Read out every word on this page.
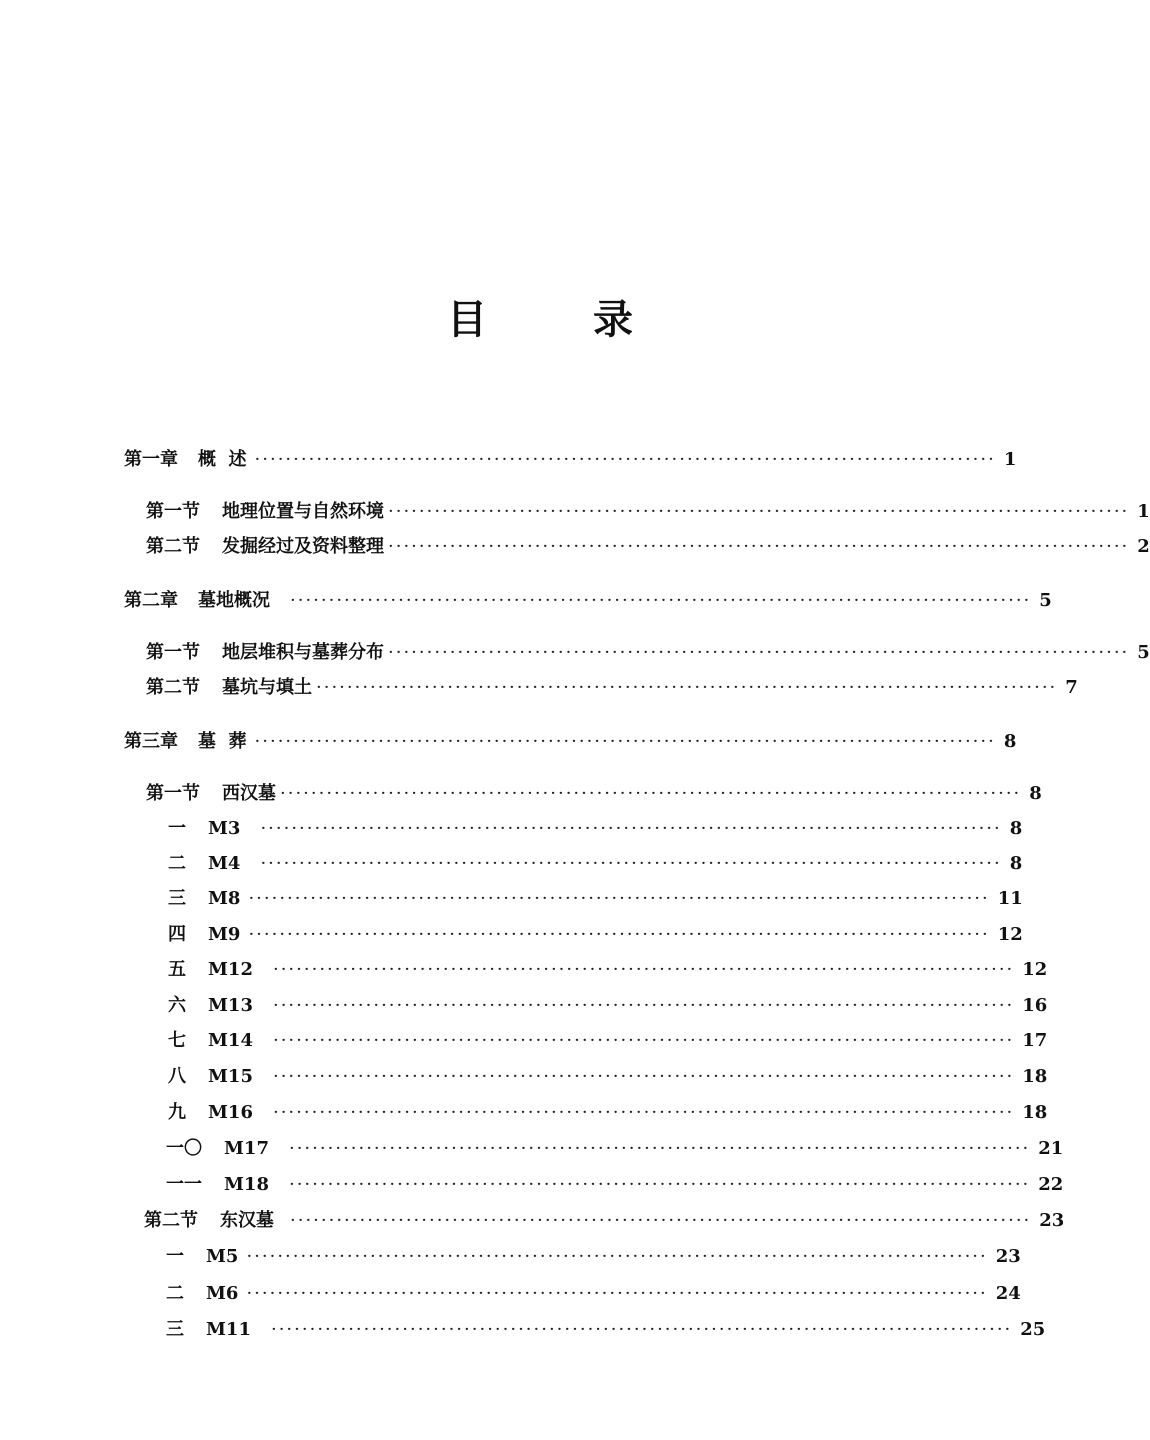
目 录
第一章 概  述 ································································································ 1
第一节 地理位置与自然环境 ································································································ 1
第二节 发掘经过及资料整理 ································································································ 2
第二章 墓地概况 ································································································ 5
第一节 地层堆积与墓葬分布 ································································································ 5
第二节 墓坑与填土 ································································································ 7
第三章 墓  葬 ································································································ 8
第一节 西汉墓 ································································································ 8
一 M3 ································································································ 8
二 M4 ································································································ 8
三 M8 ································································································ 11
四 M9 ································································································ 12
五 M12 ································································································ 12
六 M13 ································································································ 16
七 M14 ································································································ 17
八 M15 ································································································ 18
九 M16 ································································································ 18
一〇 M17 ································································································ 21
一一 M18 ································································································ 22
第二节 东汉墓 ································································································ 23
一 M5 ································································································ 23
二 M6 ································································································ 24
三 M11 ································································································ 25
